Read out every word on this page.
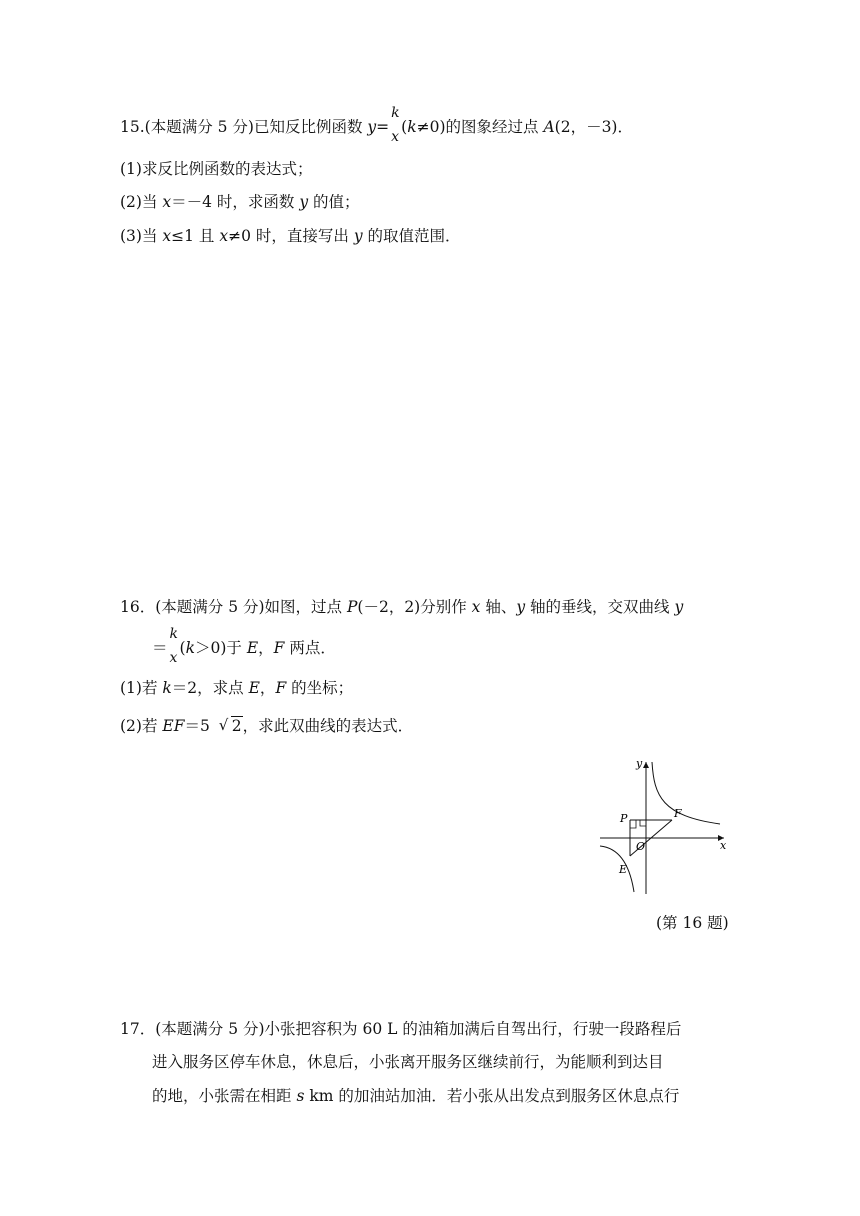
15.(本题满分 5 分)已知反比例函数 y=
k
x
(k≠0)的图象经过点 A(2，－3)．
(1)求反比例函数的表达式；
(2)当 x＝－4 时，求函数 y 的值；
(3)当 x≤1 且 x≠0 时，直接写出 y 的取值范围．
16．(本题满分 5 分)如图，过点 P(－2，2)分别作 x 轴、y 轴的垂线，交双曲线 y
＝
k
x
(k＞0)于 E，F 两点．
(1)若 k＝2，求点 E，F 的坐标；
(2)若 EF＝5 √ 2，求此双曲线的表达式．
y
x
P
O
E
F
(第 16 题)
17．(本题满分 5 分)小张把容积为 60 L 的油箱加满后自驾出行，行驶一段路程后
进入服务区停车休息，休息后，小张离开服务区继续前行，为能顺利到达目
的地，小张需在相距 s km 的加油站加油．若小张从出发点到服务区休息点行
